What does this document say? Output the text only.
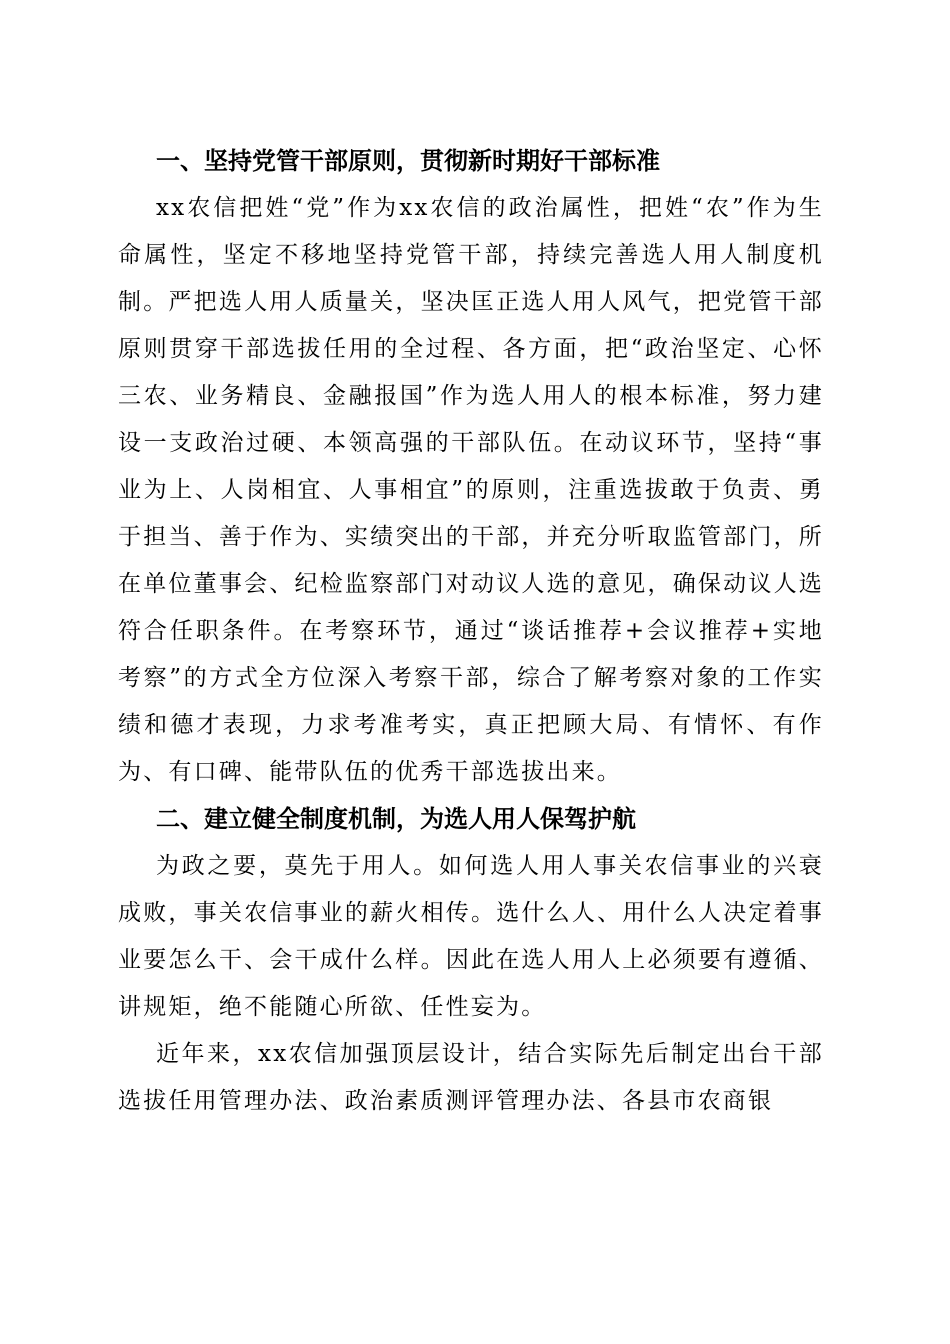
一、坚持党管干部原则，贯彻新时期好干部标准

xx农信把姓“党”作为xx农信的政治属性，把姓“农”作为生命属性，坚定不移地坚持党管干部，持续完善选人用人制度机制。严把选人用人质量关，坚决匡正选人用人风气，把党管干部原则贯穿干部选拔任用的全过程、各方面，把“政治坚定、心怀三农、业务精良、金融报国”作为选人用人的根本标准，努力建设一支政治过硬、本领高强的干部队伍。在动议环节，坚持“事业为上、人岗相宜、人事相宜”的原则，注重选拔敢于负责、勇于担当、善于作为、实绩突出的干部，并充分听取监管部门，所在单位董事会、纪检监察部门对动议人选的意见，确保动议人选符合任职条件。在考察环节，通过“谈话推荐+会议推荐+实地考察”的方式全方位深入考察干部，综合了解考察对象的工作实绩和德才表现，力求考准考实，真正把顾大局、有情怀、有作为、有口碑、能带队伍的优秀干部选拔出来。

二、建立健全制度机制，为选人用人保驾护航

为政之要，莫先于用人。如何选人用人事关农信事业的兴衰成败，事关农信事业的薪火相传。选什么人、用什么人决定着事业要怎么干、会干成什么样。因此在选人用人上必须要有遵循、讲规矩，绝不能随心所欲、任性妄为。

近年来，xx农信加强顶层设计，结合实际先后制定出台干部选拔任用管理办法、政治素质测评管理办法、各县市农商银
